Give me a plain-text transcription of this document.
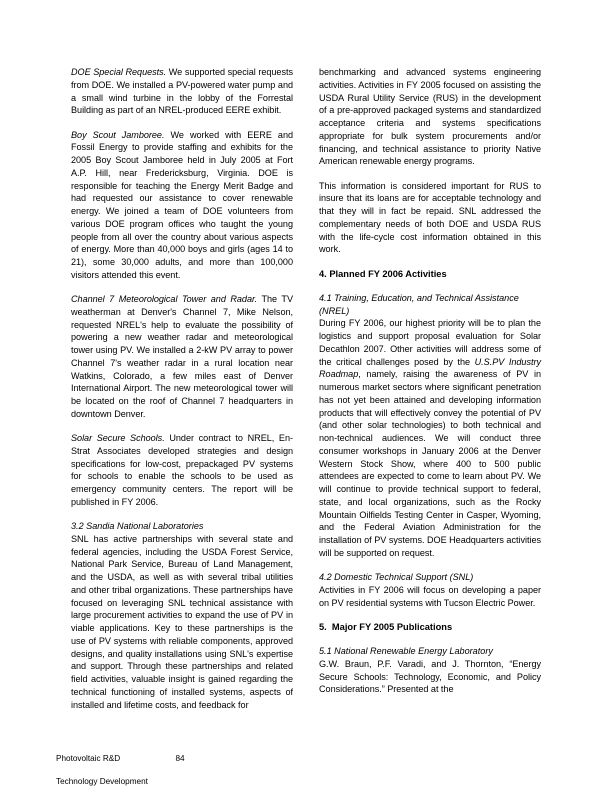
DOE Special Requests. We supported special requests from DOE. We installed a PV-powered water pump and a small wind turbine in the lobby of the Forrestal Building as part of an NREL-produced EERE exhibit.

Boy Scout Jamboree. We worked with EERE and Fossil Energy to provide staffing and exhibits for the 2005 Boy Scout Jamboree held in July 2005 at Fort A.P. Hill, near Fredericksburg, Virginia. DOE is responsible for teaching the Energy Merit Badge and had requested our assistance to cover renewable energy. We joined a team of DOE volunteers from various DOE program offices who taught the young people from all over the country about various aspects of energy. More than 40,000 boys and girls (ages 14 to 21), some 30,000 adults, and more than 100,000 visitors attended this event.

Channel 7 Meteorological Tower and Radar. The TV weatherman at Denver's Channel 7, Mike Nelson, requested NREL's help to evaluate the possibility of powering a new weather radar and meteorological tower using PV. We installed a 2-kW PV array to power Channel 7's weather radar in a rural location near Watkins, Colorado, a few miles east of Denver International Airport. The new meteorological tower will be located on the roof of Channel 7 headquarters in downtown Denver.

Solar Secure Schools. Under contract to NREL, En-Strat Associates developed strategies and design specifications for low-cost, prepackaged PV systems for schools to enable the schools to be used as emergency community centers. The report will be published in FY 2006.

3.2 Sandia National Laboratories

SNL has active partnerships with several state and federal agencies, including the USDA Forest Service, National Park Service, Bureau of Land Management, and the USDA, as well as with several tribal utilities and other tribal organizations. These partnerships have focused on leveraging SNL technical assistance with large procurement activities to expand the use of PV in viable applications. Key to these partnerships is the use of PV systems with reliable components, approved designs, and quality installations using SNL's expertise and support. Through these partnerships and related field activities, valuable insight is gained regarding the technical functioning of installed systems, aspects of installed and lifetime costs, and feedback for

benchmarking and advanced systems engineering activities. Activities in FY 2005 focused on assisting the USDA Rural Utility Service (RUS) in the development of a pre-approved packaged systems and standardized acceptance criteria and systems specifications appropriate for bulk system procurements and/or financing, and technical assistance to priority Native American renewable energy programs.

This information is considered important for RUS to insure that its loans are for acceptable technology and that they will in fact be repaid. SNL addressed the complementary needs of both DOE and USDA RUS with the life-cycle cost information obtained in this work.

4. Planned FY 2006 Activities
4.1 Training, Education, and Technical Assistance (NREL)

During FY 2006, our highest priority will be to plan the logistics and support proposal evaluation for Solar Decathlon 2007. Other activities will address some of the critical challenges posed by the U.S.PV Industry Roadmap, namely, raising the awareness of PV in numerous market sectors where significant penetration has not yet been attained and developing information products that will effectively convey the potential of PV (and other solar technologies) to both technical and non-technical audiences. We will conduct three consumer workshops in January 2006 at the Denver Western Stock Show, where 400 to 500 public attendees are expected to come to learn about PV. We will continue to provide technical support to federal, state, and local organizations, such as the Rocky Mountain Oilfields Testing Center in Casper, Wyoming, and the Federal Aviation Administration for the installation of PV systems. DOE Headquarters activities will be supported on request.

4.2 Domestic Technical Support (SNL)

Activities in FY 2006 will focus on developing a paper on PV residential systems with Tucson Electric Power.

5.  Major FY 2005 Publications
5.1 National Renewable Energy Laboratory

G.W. Braun, P.F. Varadi, and J. Thornton, “Energy Secure Schools: Technology, Economic, and Policy Considerations.” Presented at the

Photovoltaic R&D

Technology Development

84
